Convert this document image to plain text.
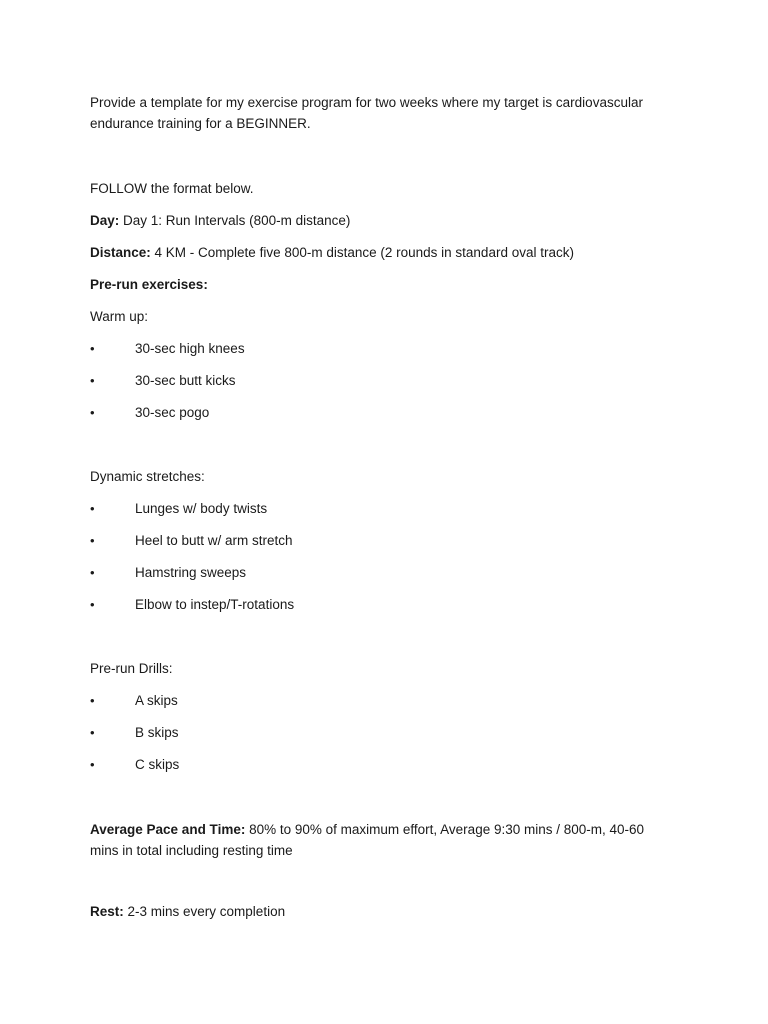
Provide a template for my exercise program for two weeks where my target is cardiovascular endurance training for a BEGINNER.
FOLLOW the format below.
Day: Day 1: Run Intervals (800-m distance)
Distance: 4 KM - Complete five 800-m distance (2 rounds in standard oval track)
Pre-run exercises:
Warm up:
•	30-sec high knees
•	30-sec butt kicks
•	30-sec pogo
Dynamic stretches:
•	Lunges w/ body twists
•	Heel to butt w/ arm stretch
•	Hamstring sweeps
•	Elbow to instep/T-rotations
Pre-run Drills:
•	A skips
•	B skips
•	C skips
Average Pace and Time: 80% to 90% of maximum effort, Average 9:30 mins / 800-m, 40-60 mins in total including resting time
Rest: 2-3 mins every completion
